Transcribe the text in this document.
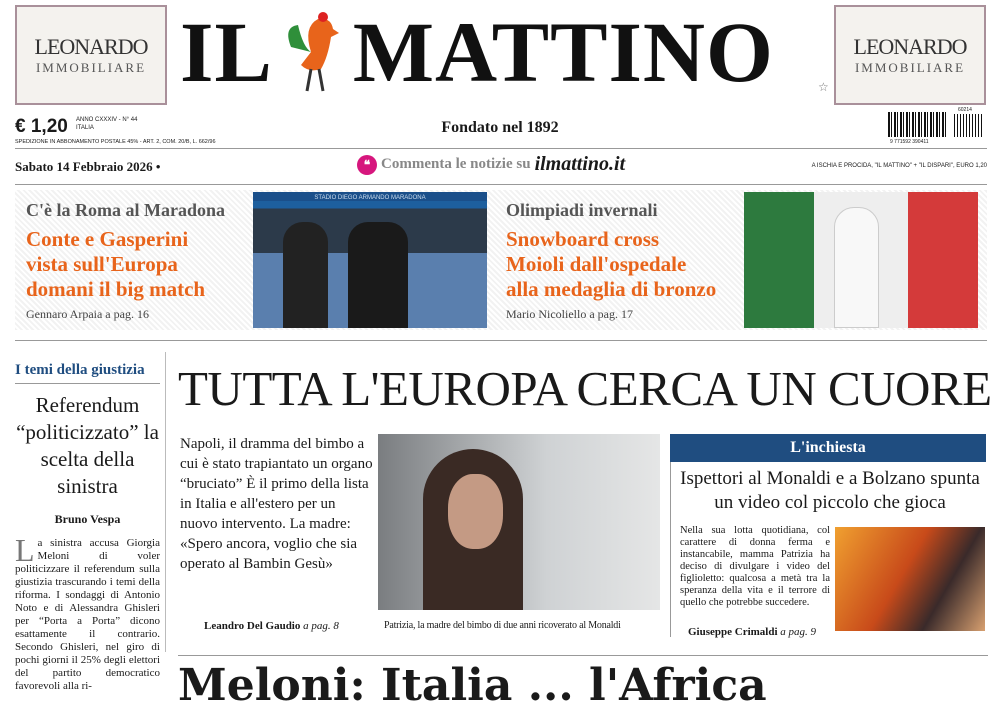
LEONARDO
IMMOBILIARE
LEONARDO
IMMOBILIARE
IL MATTINO	☆
€ 1,20 ANNO CXXXIV - N° 44
ITALIA
SPEDIZIONE IN ABBONAMENTO POSTALE 45% - ART. 2, COM. 20/B, L. 662/96
Fondato nel 1892
9 771592 390411
60214
Sabato 14 Febbraio 2026 •	❝ Commenta le notizie su ilmattino.it	A ISCHIA E PROCIDA, "IL MATTINO" + "IL DISPARI", EURO 1,20
C'è la Roma al Maradona
Conte e Gasperini
vista sull'Europa
domani il big match
Gennaro Arpaia a pag. 16
STADIO DIEGO ARMANDO MARADONA
Olimpiadi invernali
Snowboard cross
Moioli dall'ospedale
alla medaglia di bronzo
Mario Nicoliello a pag. 17
I temi della giustizia
Referendum “politicizzato” la scelta della sinistra
Bruno Vespa
La sinistra accusa Giorgia Meloni di voler politicizzare il referendum sulla giustizia trascurando i temi della riforma. I sondaggi di Antonio Noto e di Alessandra Ghisleri per “Porta a Porta” dicono esattamente il contrario. Secondo Ghisleri, nel giro di pochi giorni il 25% degli elettori del partito democratico favorevoli alla ri-
TUTTA L'EUROPA CERCA UN CUORE
Napoli, il dramma del bimbo a cui è stato trapiantato un organo “bruciato” È il primo della lista in Italia e all'estero per un nuovo intervento. La madre: «Spero ancora, voglio che sia operato al Bambin Gesù»
Leandro Del Gaudio a pag. 8	Patrizia, la madre del bimbo di due anni ricoverato al Monaldi
L'inchiesta
Ispettori al Monaldi e a Bolzano spunta un video col piccolo che gioca
Nella sua lotta quotidiana, col carattere di donna ferma e instancabile, mamma Patrizia ha deciso di divulgare i video del figlioletto: qualcosa a metà tra la speranza della vita e il terrore di quello che potrebbe succedere.
Giuseppe Crimaldi a pag. 9
Meloni: Italia ... l'Africa
